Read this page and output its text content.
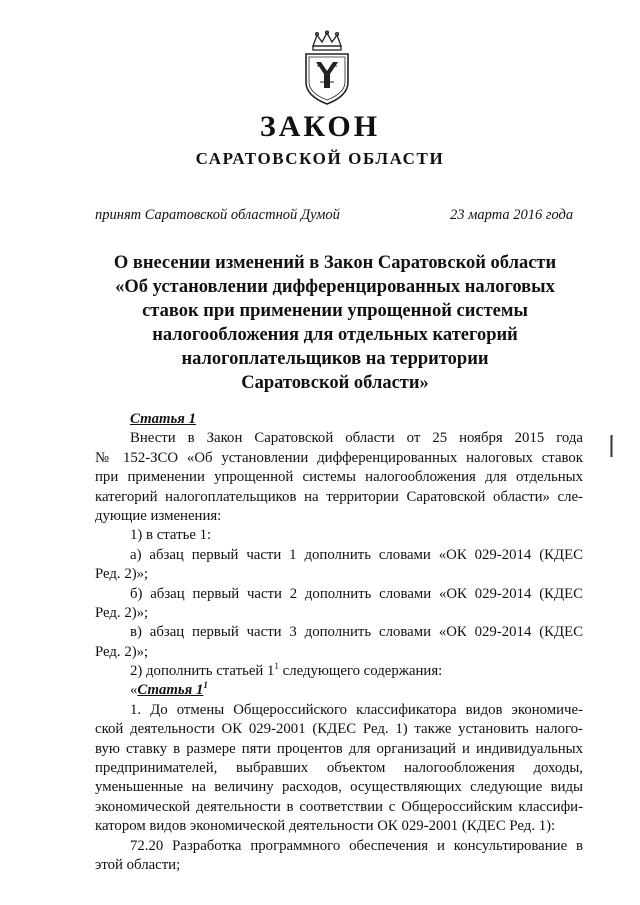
ЗАКОН
САРАТОВСКОЙ ОБЛАСТИ
принят Саратовской областной Думой	23 марта 2016 года
О внесении изменений в Закон Саратовской области
«Об установлении дифференцированных налоговых
ставок при применении упрощенной системы
налогообложения для отдельных категорий
налогоплательщиков на территории
Саратовской области»
Статья 1
Внести в Закон Саратовской области от 25 ноября 2015 года
№ 152-ЗСО «Об установлении дифференцированных налоговых ставок
при применении упрощенной системы налогообложения для отдельных
категорий налогоплательщиков на территории Саратовской области» сле-
дующие изменения:
1) в статье 1:
а) абзац первый части 1 дополнить словами «ОК 029-2014 (КДЕС
Ред. 2)»;
б) абзац первый части 2 дополнить словами «ОК 029-2014 (КДЕС
Ред. 2)»;
в) абзац первый части 3 дополнить словами «ОК 029-2014 (КДЕС
Ред. 2)»;
2) дополнить статьей $1^1$ следующего содержания:
«Статья $1^1$
1. До отмены Общероссийского классификатора видов экономиче-
ской деятельности ОК 029-2001 (КДЕС Ред. 1) также установить налого-
вую ставку в размере пяти процентов для организаций и индивидуальных
предпринимателей, выбравших объектом налогообложения доходы,
уменьшенные на величину расходов, осуществляющих следующие виды
экономической деятельности в соответствии с Общероссийским классифи-
катором видов экономической деятельности ОК 029-2001 (КДЕС Ред. 1):
72.20 Разработка программного обеспечения и консультирование в
этой области;
